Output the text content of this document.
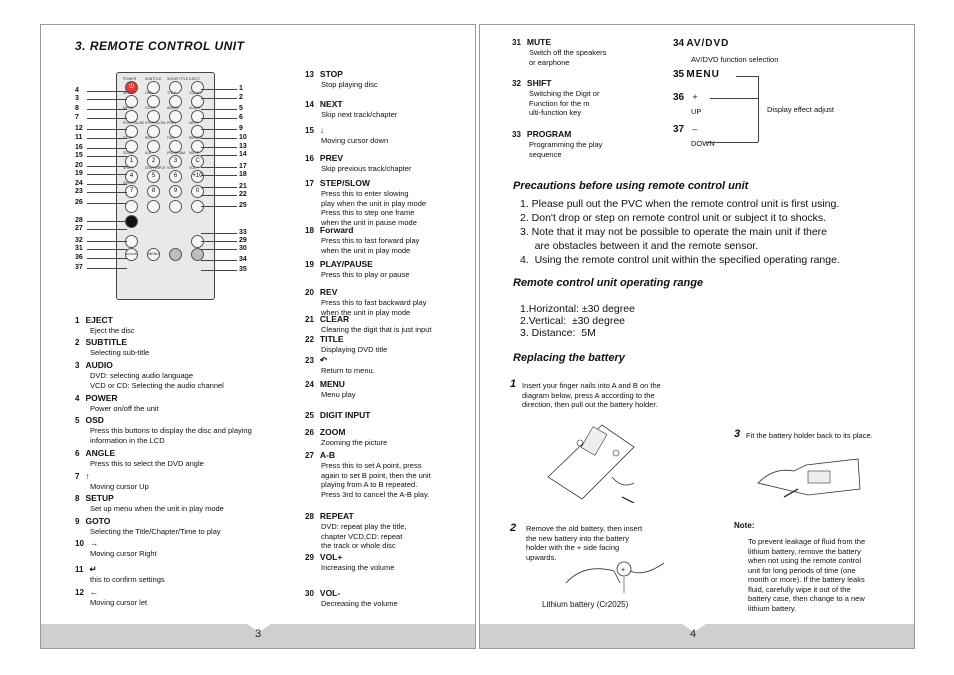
3. REMOTE CONTROL UNIT
⏻
POWER	SUBTITLE SHOW TITLE EJECT
SETUP	OSD	TITLE	CLEAR
MENU	GOTO	ANGLE	AUDIO
PLAY/PAUSE STEP/SLOW PREV	NEXT
STOP	REV	FWD	REPEAT
1
ZOOM
2
A-B
3
PROGRAM
C
MUTE
4
SHIFT
5
DIGIT INPUT
6
VOL-
+10
VOL+
7
AV/DVD
8	9	0
AV/DVD	MENU
4
3
8
7
12
11
16
15
20
19
24
23
26
28
27
32
31
36
37
1
2
5
6
9
10
13
14
17
18
21
22
25
33
29
30
34
35
1 EJECT
Eject the disc
2 SUBTITLE
Selecting sub-title
3 AUDIO
DVD: selecting audio language
VCD or CD: Selecting the audio channel
4 POWER
Power on/off the unit
5 OSD
Press this buttons to display the disc and playing
information in the LCD
6 ANGLE
Press this to select the DVD angle
7 ↑
Moving cursor Up
8 SETUP
Set up menu when the unit in play mode
9 GOTO
Selecting the Title/Chapter/Time to play
10 →
Moving cursor Right
11 ↵
this to confirm settings
12 ←
Moving cursor let
13 STOP
Stop playing disc
14 NEXT
Skip next track/chapter
15 ↓
Moving cursor down
16 PREV
Skip previous track/chapter
17 STEP/SLOW
Press this to enter slowing
play when the unit in play mode
Press this to step one frame
when the unit in pause mode
18 Forward
Press this to fast forward play
when the unit in play mode
19 PLAY/PAUSE
Press this to play or pause
20 REV
Press this to fast backward play
when the unit in play mode
21 CLEAR
Clearing the digit that is just input
22 TITLE
Displaying DVD title
23 ↶
Return to menu.
24 MENU
Menu play
25 DIGIT INPUT
26 ZOOM
Zooming the picture
27 A-B
Press this to set A point, press
again to set B point, then the unit
playing from A to B repeated.
Press 3rd to cancel the A-B play.
28 REPEAT
DVD: repeat play the title,
chapter VCD,CD: repeat
the track or whole disc
29 VOL+
Increasing the volume
30 VOL-
Decreasing the volume
3
31 MUTE
Switch off the speakers
or earphone
32 SHIFT
Switching the Digit or
Function for the m
ulti-function key
33 PROGRAM
Programming the play
sequence
34 AV/DVD
AV/DVD function selection
35 MENU
36 +
UP
37 –
DOWN
Display effect adjust
Precautions before using remote control unit
1. Please pull out the PVC when the remote control unit is first using.
2. Don't drop or step on remote control unit or subject it to shocks.
3. Note that it may not be possible to operate the main unit if there
are obstacles between it and the remote sensor.
4.  Using the remote control unit within the specified operating range.
Remote control unit operating range
1.Horizontal: ±30 degree
2.Vertical:  ±30 degree
3. Distance:  5M
Replacing the battery
1 Insert your finger nails into A and B on the
diagram below, press A according to the
direction, then pull out the battery holder.
2 Remove the old battery, then insert
the new battery into the battery
holder with the + side facing
upwards.
+
Lithium battery (Cr2025)
3 Fit the battery holder back to its place.
Note:
To prevent leakage of fluid from the
lithium battery, remove the battery
when not using the remote control
unit for long periods of time (one
month or more). If the battery leaks
fluid, carefully wipe it out of the
battery case, then change to a new
lithium battery.
4
